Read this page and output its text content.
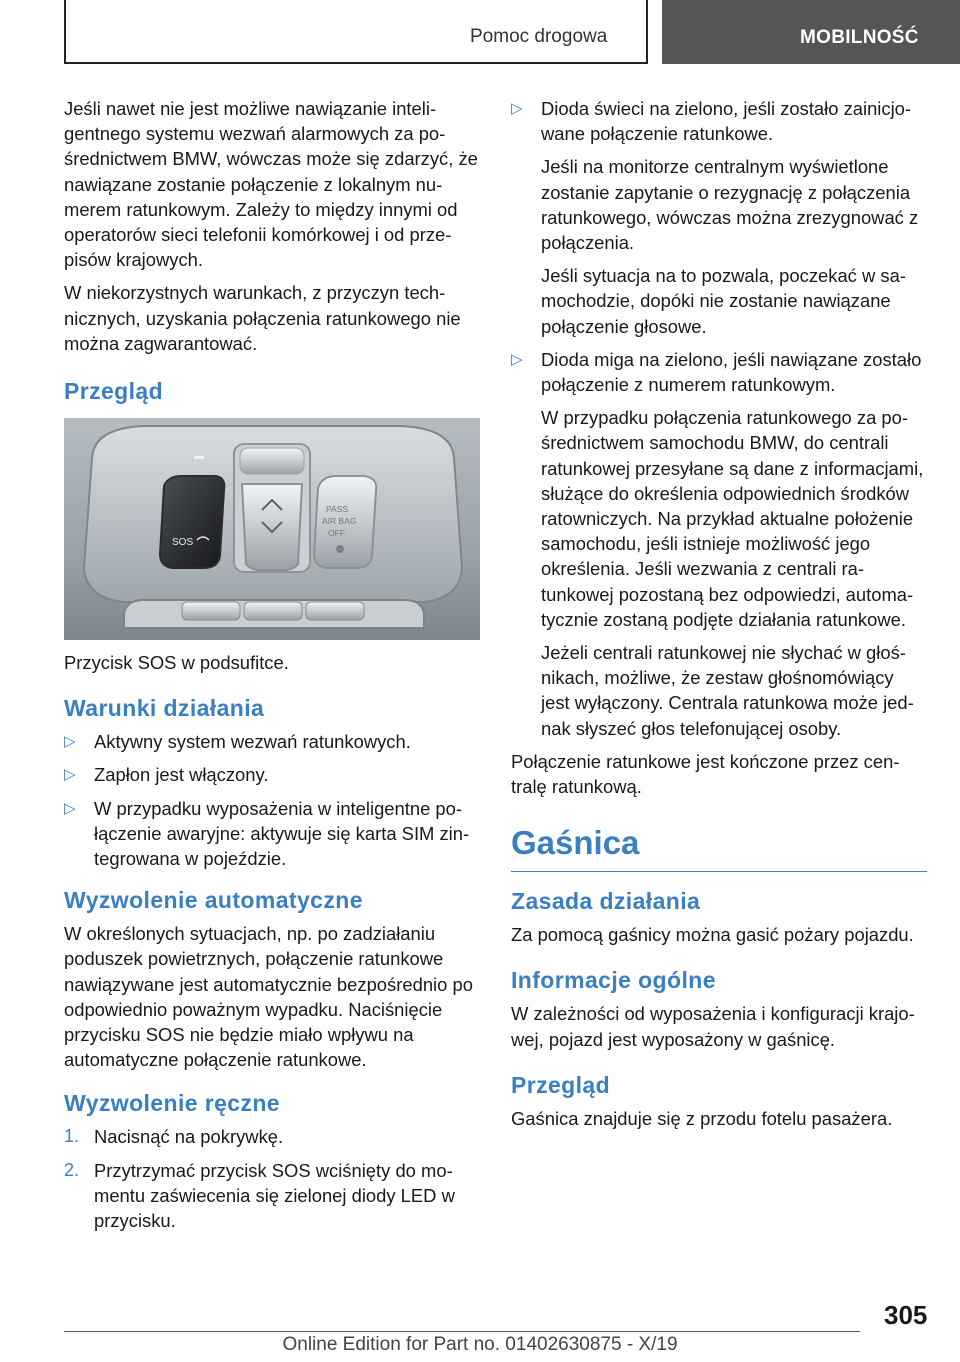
Pomoc drogowa	MOBILNOŚĆ

Jeśli nawet nie jest możliwe nawiązanie inteligentnego systemu wezwań alarmowych za pośrednictwem BMW, wówczas może się zdarzyć, że nawiązane zostanie połączenie z lokalnym numerem ratunkowym. Zależy to między innymi od operatorów sieci telefonii komórkowej i od przepisów krajowych.

W niekorzystnych warunkach, z przyczyn technicznych, uzyskania połączenia ratunkowego nie można zagwarantować.

Przegląd
SOS
PASS
AIR BAG
OFF

Przycisk SOS w podsufitce.

Warunki działania
▷ Aktywny system wezwań ratunkowych.
▷ Zapłon jest włączony.
▷ W przypadku wyposażenia w inteligentne połączenie awaryjne: aktywuje się karta SIM zintegrowana w pojeździe.
Wyzwolenie automatyczne

W określonych sytuacjach, np. po zadziałaniu poduszek powietrznych, połączenie ratunkowe nawiązywane jest automatycznie bezpośrednio po odpowiednio poważnym wypadku. Naciśnięcie przycisku SOS nie będzie miało wpływu na automatyczne połączenie ratunkowe.

Wyzwolenie ręczne
1. Nacisnąć na pokrywkę.
2. Przytrzymać przycisk SOS wciśnięty do momentu zaświecenia się zielonej diody LED w przycisku.
▷ Dioda świeci na zielono, jeśli zostało zainicjowane połączenie ratunkowe.
Jeśli na monitorze centralnym wyświetlone zostanie zapytanie o rezygnację z połączenia ratunkowego, wówczas można zrezygnować z połączenia.
Jeśli sytuacja na to pozwala, poczekać w samochodzie, dopóki nie zostanie nawiązane połączenie głosowe.
▷ Dioda miga na zielono, jeśli nawiązane zostało połączenie z numerem ratunkowym.
W przypadku połączenia ratunkowego za pośrednictwem samochodu BMW, do centrali ratunkowej przesyłane są dane z informacjami, służące do określenia odpowiednich środków ratowniczych. Na przykład aktualne położenie samochodu, jeśli istnieje możliwość jego określenia. Jeśli wezwania z centrali ratunkowej pozostaną bez odpowiedzi, automatycznie zostaną podjęte działania ratunkowe.
Jeżeli centrali ratunkowej nie słychać w głośnikach, możliwe, że zestaw głośnomówiący jest wyłączony. Centrala ratunkowa może jednak słyszeć głos telefonującej osoby.

Połączenie ratunkowe jest kończone przez centralę ratunkową.

Gaśnica
Zasada działania

Za pomocą gaśnicy można gasić pożary pojazdu.

Informacje ogólne

W zależności od wyposażenia i konfiguracji krajowej, pojazd jest wyposażony w gaśnicę.

Przegląd

Gaśnica znajduje się z przodu fotelu pasażera.

305
Online Edition for Part no. 01402630875 - X/19
